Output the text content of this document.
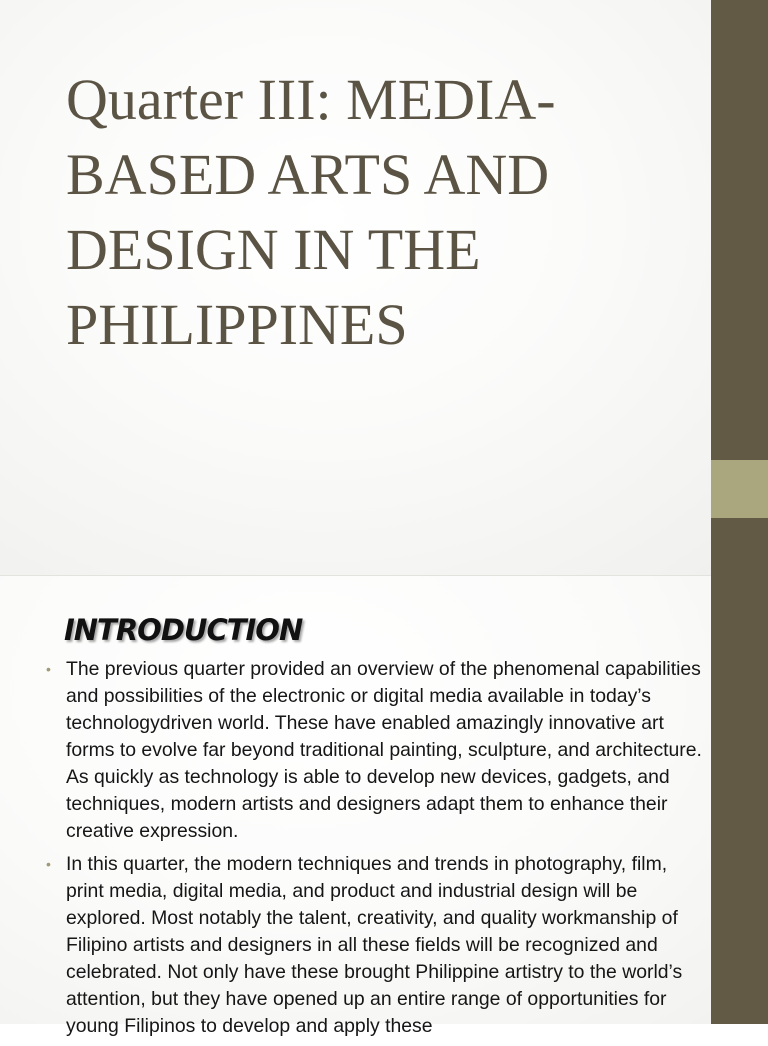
Quarter III: MEDIA-BASED ARTS AND DESIGN IN THE PHILIPPINES
INTRODUCTION
• The previous quarter provided an overview of the phenomenal capabilities and possibilities of the electronic or digital media available in today’s technologydriven world. These have enabled amazingly innovative art forms to evolve far beyond traditional painting, sculpture, and architecture. As quickly as technology is able to develop new devices, gadgets, and techniques, modern artists and designers adapt them to enhance their creative expression.
• In this quarter, the modern techniques and trends in photography, film, print media, digital media, and product and industrial design will be explored. Most notably the talent, creativity, and quality workmanship of Filipino artists and designers in all these fields will be recognized and celebrated. Not only have these brought Philippine artistry to the world’s attention, but they have opened up an entire range of opportunities for young Filipinos to develop and apply these
